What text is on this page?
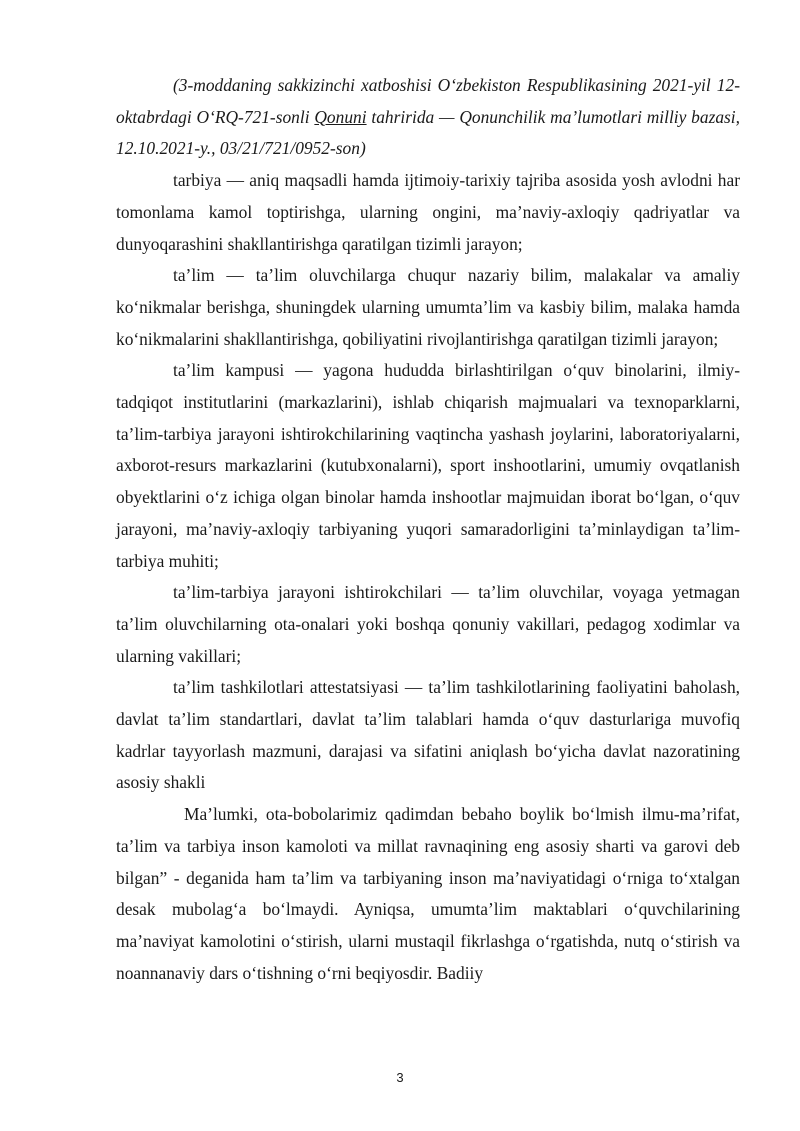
(3-moddaning sakkizinchi xatboshisi O‘zbekiston Respublikasining 2021-yil 12-oktabrdagi O‘RQ-721-sonli Qonuni tahririda — Qonunchilik ma’lumotlari milliy bazasi, 12.10.2021-y., 03/21/721/0952-son)

tarbiya — aniq maqsadli hamda ijtimoiy-tarixiy tajriba asosida yosh avlodni har tomonlama kamol toptirishga, ularning ongini, ma’naviy-axloqiy qadriyatlar va dunyoqarashini shakllantirishga qaratilgan tizimli jarayon;

ta’lim — ta’lim oluvchilarga chuqur nazariy bilim, malakalar va amaliy ko‘nikmalar berishga, shuningdek ularning umumta’lim va kasbiy bilim, malaka hamda ko‘nikmalarini shakllantirishga, qobiliyatini rivojlantirishga qaratilgan tizimli jarayon;

ta’lim kampusi — yagona hududda birlashtirilgan o‘quv binolarini, ilmiy-tadqiqot institutlarini (markazlarini), ishlab chiqarish majmualari va texnoparklarni, ta’lim-tarbiya jarayoni ishtirokchilarining vaqtincha yashash joylarini, laboratoriyalarni, axborot-resurs markazlarini (kutubxonalarni), sport inshootlarini, umumiy ovqatlanish obyektlarini o‘z ichiga olgan binolar hamda inshootlar majmuidan iborat bo‘lgan, o‘quv jarayoni, ma’naviy-axloqiy tarbiyaning yuqori samaradorligini ta’minlaydigan ta’lim-tarbiya muhiti;

ta’lim-tarbiya jarayoni ishtirokchilari — ta’lim oluvchilar, voyaga yetmagan ta’lim oluvchilarning ota-onalari yoki boshqa qonuniy vakillari, pedagog xodimlar va ularning vakillari;

ta’lim tashkilotlari attestatsiyasi — ta’lim tashkilotlarining faoliyatini baholash, davlat ta’lim standartlari, davlat ta’lim talablari hamda o‘quv dasturlariga muvofiq kadrlar tayyorlash mazmuni, darajasi va sifatini aniqlash bo‘yicha davlat nazoratining asosiy shakli

Ma’lumki, ota-bobolarimiz qadimdan bebaho boylik bo‘lmish ilmu-ma’rifat, ta’lim va tarbiya inson kamoloti va millat ravnaqining eng asosiy sharti va garovi deb bilgan” - deganida ham ta’lim va tarbiyaning inson ma’naviyatidagi o‘rniga to‘xtalgan desak mubolag‘a bo‘lmaydi. Ayniqsa, umumta’lim maktablari o‘quvchilarining ma’naviyat kamolotini o‘stirish, ularni mustaqil fikrlashga o‘rgatishda, nutq o‘stirish va noannanaviy dars o‘tishning o‘rni beqiyosdir. Badiiy

3
